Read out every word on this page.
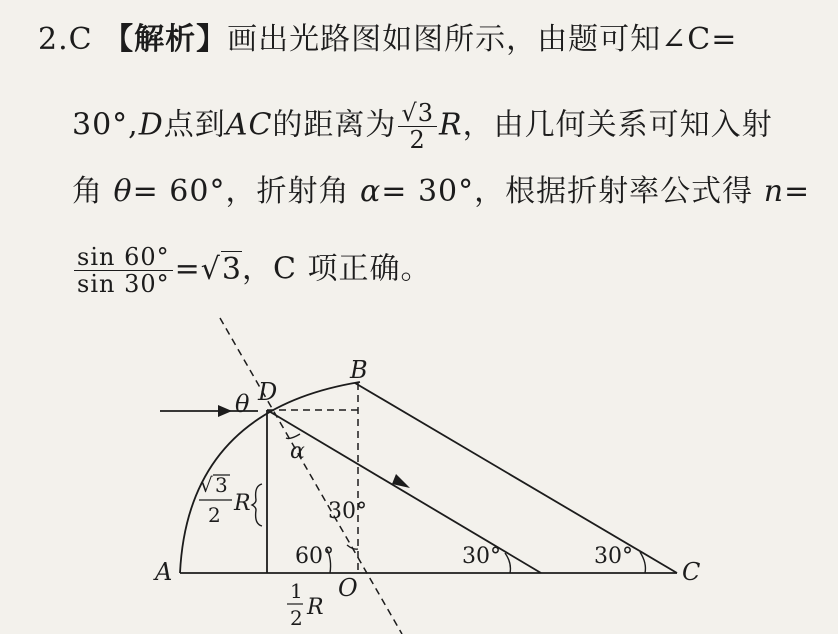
2.C 【解析】画出光路图如图所示，由题可知∠C=
30°,D点到AC的距离为 $\frac{√3}{2}$ R，由几何关系可知入射
角 θ= 60°，折射角 α= 30°，根据折射率公式得 n=
$\frac{\sin 60^\circ}{\sin 30^\circ} =√3$，C 项正确。
θ D
B
α
A	C
O
30°
60°	30°	30°
√ 3
2 R
1
2 R
